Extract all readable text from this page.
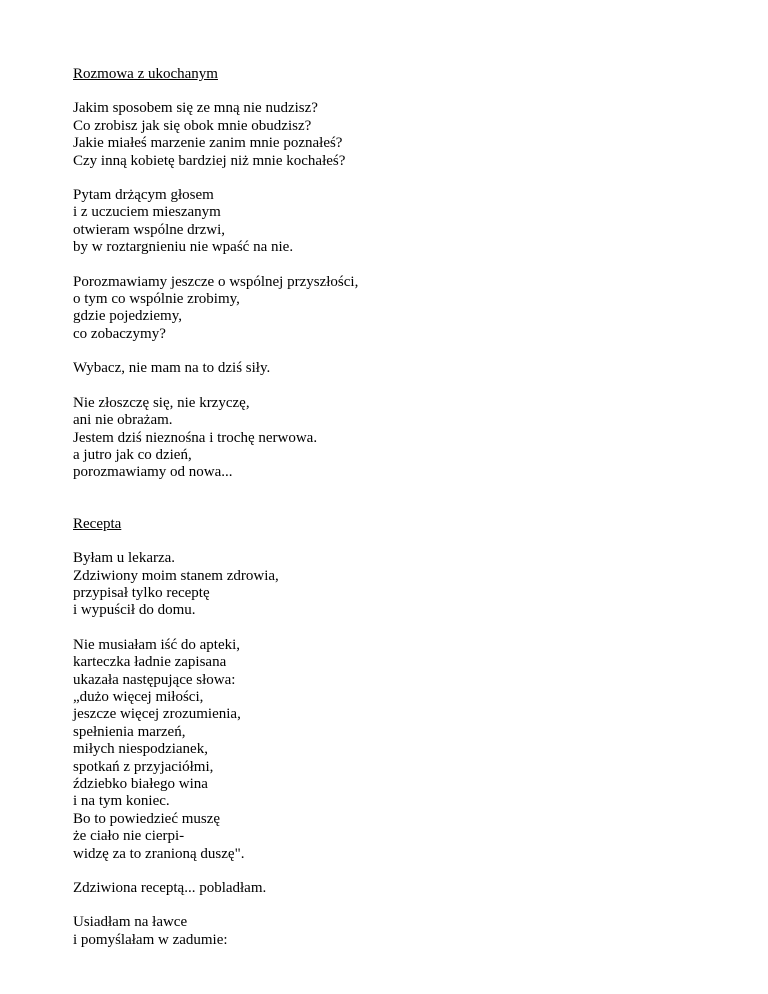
Rozmowa z ukochanym
Jakim sposobem się ze mną nie nudzisz?
Co zrobisz jak się obok mnie obudzisz?
Jakie miałeś marzenie zanim mnie poznałeś?
Czy inną kobietę bardziej niż mnie kochałeś?
Pytam drżącym głosem
i z uczuciem mieszanym
otwieram wspólne drzwi,
by w roztargnieniu nie wpaść na nie.
Porozmawiamy jeszcze o wspólnej przyszłości,
o tym co wspólnie zrobimy,
gdzie pojedziemy,
co zobaczymy?
Wybacz, nie mam na to dziś siły.
Nie złoszczę się, nie krzyczę,
ani nie obrażam.
Jestem dziś nieznośna i trochę nerwowa.
a jutro jak co dzień,
porozmawiamy od nowa...
Recepta
Byłam u lekarza.
Zdziwiony moim stanem zdrowia,
przypisał tylko receptę
i wypuścił do domu.
Nie musiałam iść do apteki,
karteczka ładnie zapisana
ukazała następujące słowa:
„dużo więcej miłości,
jeszcze więcej zrozumienia,
spełnienia marzeń,
miłych niespodzianek,
spotkań z przyjaciółmi,
ździebko białego wina
i na tym koniec.
Bo to powiedzieć muszę
że ciało nie cierpi-
widzę za to zranioną duszę".
Zdziwiona receptą... pobladłam.
Usiadłam na ławce
i pomyślałam w zadumie:
